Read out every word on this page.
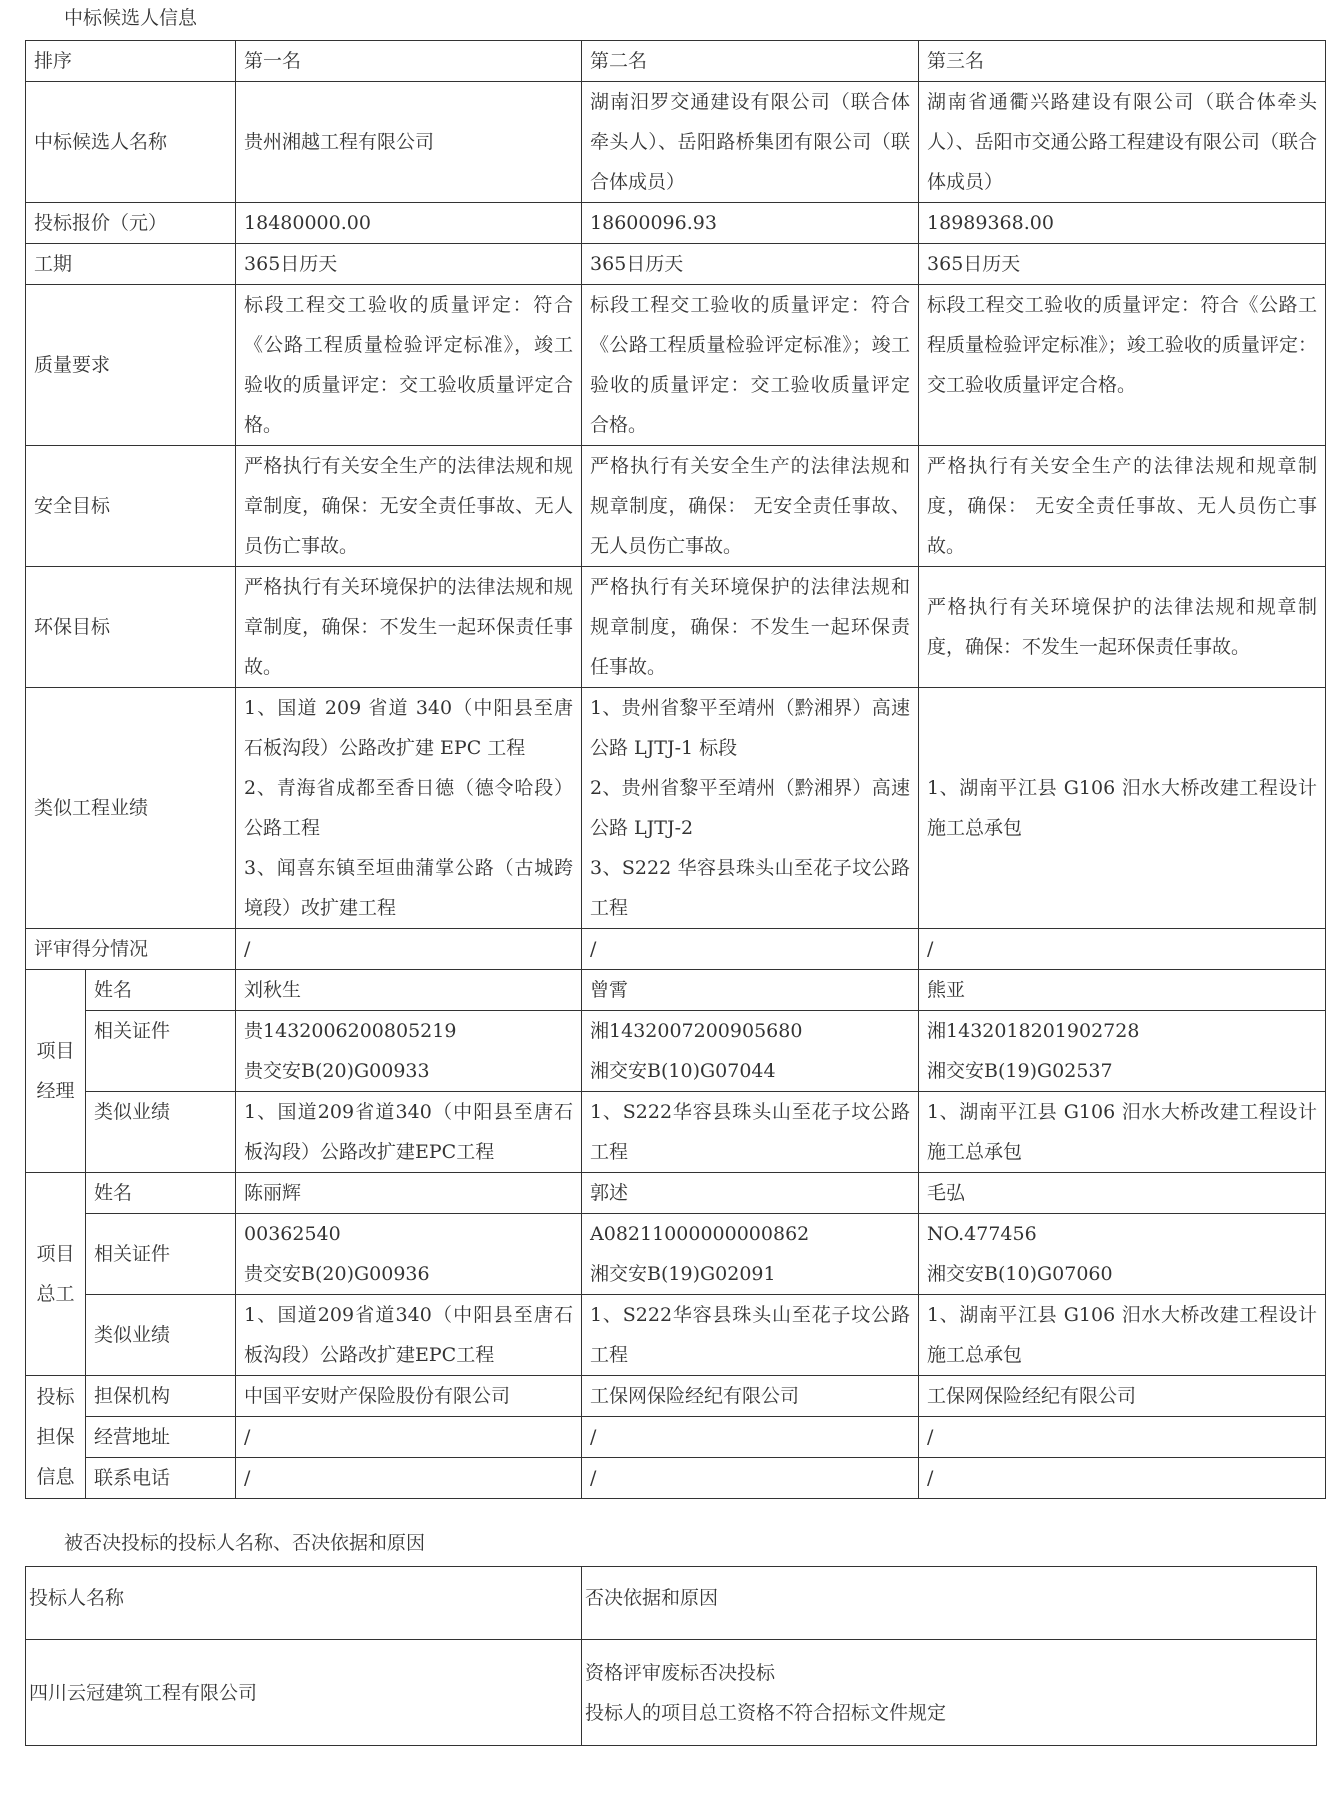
中标候选人信息
排序		第一名	第二名	第三名
中标候选人名称		贵州湘越工程有限公司	湖南汨罗交通建设有限公司（联合体牵头人）、岳阳路桥集团有限公司（联合体成员）	湖南省通衢兴路建设有限公司（联合体牵头人）、岳阳市交通公路工程建设有限公司（联合体成员）
投标报价（元）		18480000.00	18600096.93	18989368.00
工期		365日历天	365日历天	365日历天
质量要求		标段工程交工验收的质量评定：符合《公路工程质量检验评定标准》，竣工验收的质量评定：交工验收质量评定合格。	标段工程交工验收的质量评定：符合《公路工程质量检验评定标准》；竣工验收的质量评定：交工验收质量评定合格。	标段工程交工验收的质量评定：符合《公路工程质量检验评定标准》；竣工验收的质量评定：交工验收质量评定合格。
安全目标		严格执行有关安全生产的法律法规和规章制度，确保：无安全责任事故、无人员伤亡事故。	严格执行有关安全生产的法律法规和规章制度，确保： 无安全责任事故、无人员伤亡事故。	严格执行有关安全生产的法律法规和规章制度，确保： 无安全责任事故、无人员伤亡事故。
环保目标		严格执行有关环境保护的法律法规和规章制度，确保：不发生一起环保责任事故。	严格执行有关环境保护的法律法规和规章制度，确保：不发生一起环保责任事故。	严格执行有关环境保护的法律法规和规章制度，确保：不发生一起环保责任事故。
类似工程业绩		1、国道 209 省道 340（中阳县至唐石板沟段）公路改扩建 EPC 工程
2、青海省成都至香日德（德令哈段）公路工程
3、闻喜东镇至垣曲蒲掌公路（古城跨境段）改扩建工程	1、贵州省黎平至靖州（黔湘界）高速公路 LJTJ-1 标段
2、贵州省黎平至靖州（黔湘界）高速公路 LJTJ-2
3、S222 华容县珠头山至花子坟公路工程	1、湖南平江县 G106 汨水大桥改建工程设计施工总承包

评审得分情况		/	/	/

项目
经理	姓名	刘秋生	曾霄	熊亚
	相关证件	贵1432006200805219
贵交安B(20)G00933	湘1432007200905680
湘交安B(10)G07044	湘1432018201902728
湘交安B(19)G02537

	类似业绩	1、国道209省道340（中阳县至唐石板沟段）公路改扩建EPC工程	1、S222华容县珠头山至花子坟公路工程	1、湖南平江县 G106 汨水大桥改建工程设计施工总承包

项目
总工	姓名	陈丽辉	郭述	毛弘
	相关证件	00362540
贵交安B(20)G00936	A08211000000000862
湘交安B(19)G02091	NO.477456
湘交安B(10)G07060

	类似业绩	1、国道209省道340（中阳县至唐石板沟段）公路改扩建EPC工程	1、S222华容县珠头山至花子坟公路工程	1、湖南平江县 G106 汨水大桥改建工程设计施工总承包

投标
担保
信息	担保机构	中国平安财产保险股份有限公司	工保网保险经纪有限公司	工保网保险经纪有限公司
	经营地址	/	/	/
	联系电话	/	/	/
被否决投标的投标人名称、否决依据和原因
投标人名称	否决依据和原因
四川云冠建筑工程有限公司	资格评审废标否决投标
投标人的项目总工资格不符合招标文件规定
